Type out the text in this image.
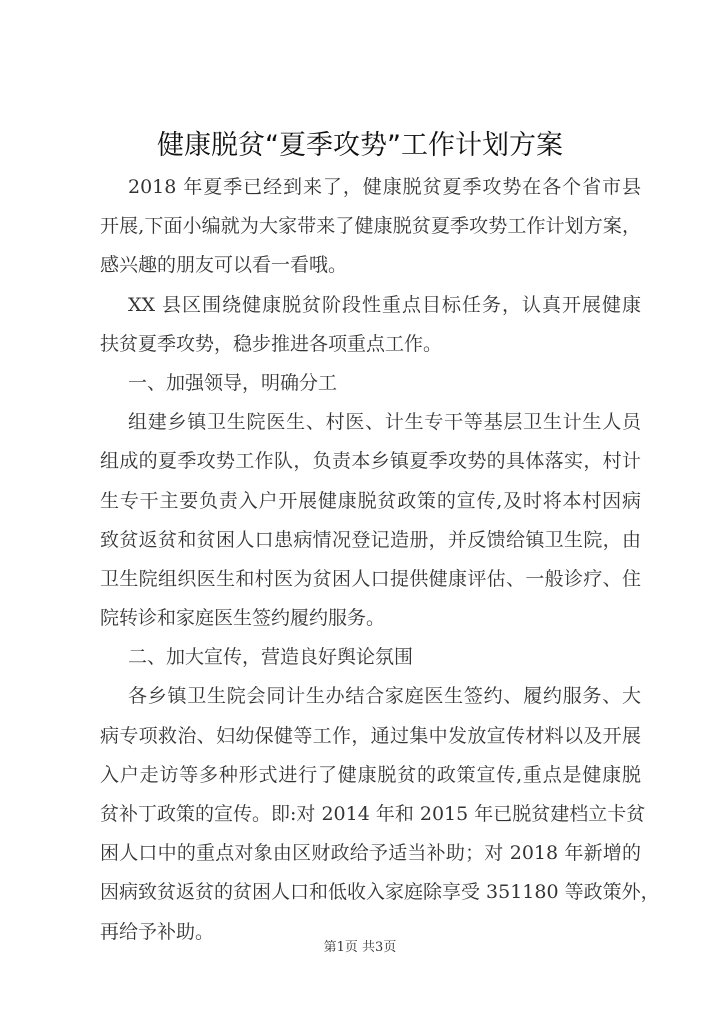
健康脱贫“夏季攻势”工作计划方案
2018 年夏季已经到来了，健康脱贫夏季攻势在各个省市县
开展,下面小编就为大家带来了健康脱贫夏季攻势工作计划方案，
感兴趣的朋友可以看一看哦。
XX 县区围绕健康脱贫阶段性重点目标任务，认真开展健康
扶贫夏季攻势，稳步推进各项重点工作。
一、加强领导，明确分工
组建乡镇卫生院医生、村医、计生专干等基层卫生计生人员
组成的夏季攻势工作队，负责本乡镇夏季攻势的具体落实，村计
生专干主要负责入户开展健康脱贫政策的宣传,及时将本村因病
致贫返贫和贫困人口患病情况登记造册，并反馈给镇卫生院，由
卫生院组织医生和村医为贫困人口提供健康评估、一般诊疗、住
院转诊和家庭医生签约履约服务。
二、加大宣传，营造良好舆论氛围
各乡镇卫生院会同计生办结合家庭医生签约、履约服务、大
病专项救治、妇幼保健等工作，通过集中发放宣传材料以及开展
入户走访等多种形式进行了健康脱贫的政策宣传,重点是健康脱
贫补丁政策的宣传。即:对 2014 年和 2015 年已脱贫建档立卡贫
困人口中的重点对象由区财政给予适当补助；对 2018 年新增的
因病致贫返贫的贫困人口和低收入家庭除享受 351180 等政策外，
再给予补助。
第1页 共3页
